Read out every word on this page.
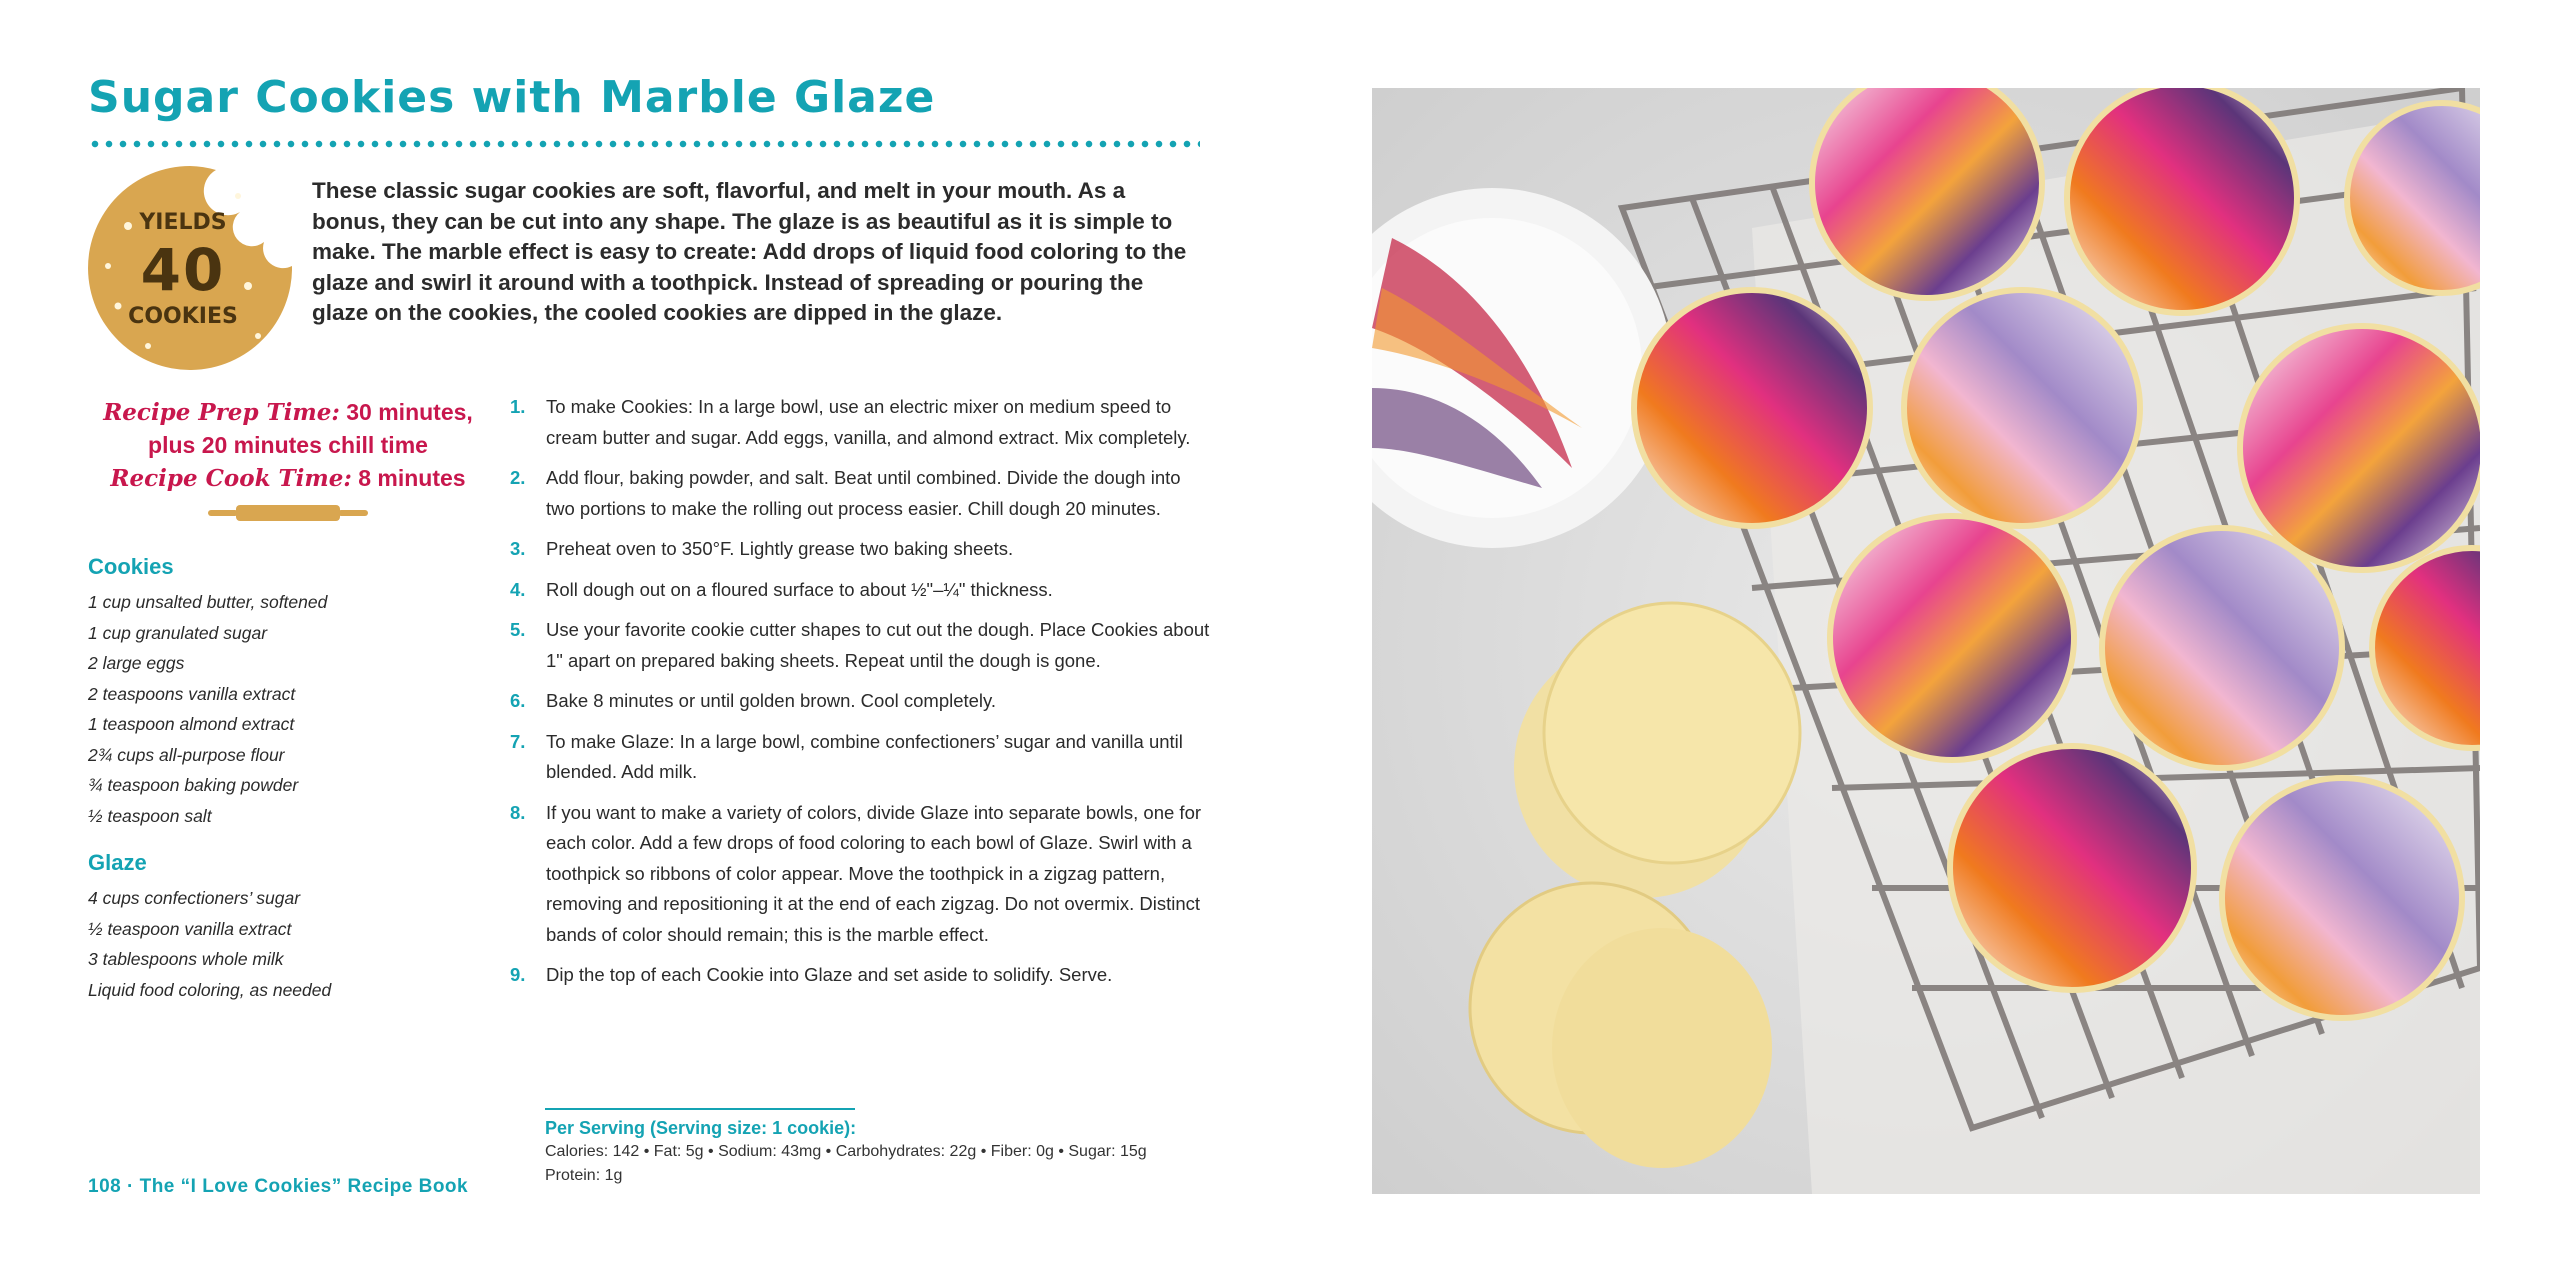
Sugar Cookies with Marble Glaze
YIELDS
40
COOKIES

These classic sugar cookies are soft, flavorful, and melt in your mouth. As a bonus, they can be cut into any shape. The glaze is as beautiful as it is simple to make. The marble effect is easy to create: Add drops of liquid food coloring to the glaze and swirl it around with a toothpick. Instead of spreading or pouring the glaze on the cookies, the cooled cookies are dipped in the glaze.

Recipe Prep Time: 30 minutes,
plus 20 minutes chill time
Recipe Cook Time: 8 minutes
Cookies
1 cup unsalted butter, softened
1 cup granulated sugar
2 large eggs
2 teaspoons vanilla extract
1 teaspoon almond extract
2¾ cups all-purpose flour
¾ teaspoon baking powder
½ teaspoon salt
Glaze
4 cups confectioners’ sugar
½ teaspoon vanilla extract
3 tablespoons whole milk
Liquid food coloring, as needed
1. To make Cookies: In a large bowl, use an electric mixer on medium speed to cream butter and sugar. Add eggs, vanilla, and almond extract. Mix completely.
2. Add flour, baking powder, and salt. Beat until combined. Divide the dough into two portions to make the rolling out process easier. Chill dough 20 minutes.
3. Preheat oven to 350°F. Lightly grease two baking sheets.
4. Roll dough out on a floured surface to about ½"–¼" thickness.
5. Use your favorite cookie cutter shapes to cut out the dough. Place Cookies about 1" apart on prepared baking sheets. Repeat until the dough is gone.
6. Bake 8 minutes or until golden brown. Cool completely.
7. To make Glaze: In a large bowl, combine confectioners’ sugar and vanilla until blended. Add milk.
8. If you want to make a variety of colors, divide Glaze into separate bowls, one for each color. Add a few drops of food coloring to each bowl of Glaze. Swirl with a toothpick so ribbons of color appear. Move the toothpick in a zigzag pattern, removing and repositioning it at the end of each zigzag. Do not overmix. Distinct bands of color should remain; this is the marble effect.
9. Dip the top of each Cookie into Glaze and set aside to solidify. Serve.
Per Serving (Serving size: 1 cookie):
Calories: 142 • Fat: 5g • Sodium: 43mg • Carbohydrates: 22g • Fiber: 0g • Sugar: 15g Protein: 1g
108 · The “I Love Cookies” Recipe Book
